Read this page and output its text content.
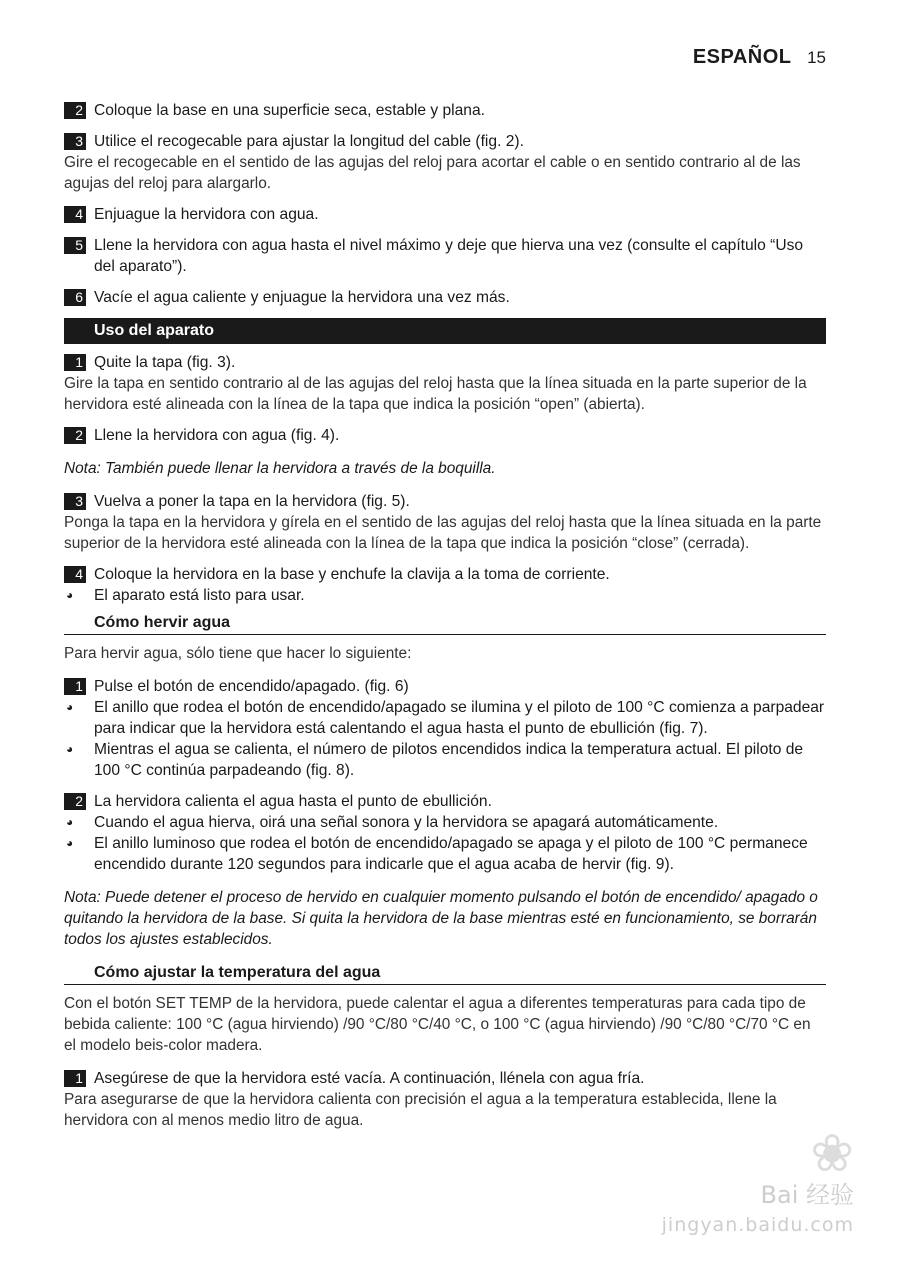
ESPAÑOL 15

2 Coloque la base en una superficie seca, estable y plana.

3 Utilice el recogecable para ajustar la longitud del cable (fig. 2).

Gire el recogecable en el sentido de las agujas del reloj para acortar el cable o en sentido contrario al de las agujas del reloj para alargarlo.

4 Enjuague la hervidora con agua.

5 Llene la hervidora con agua hasta el nivel máximo y deje que hierva una vez (consulte el capítulo “Uso del aparato”).

6 Vacíe el agua caliente y enjuague la hervidora una vez más.

Uso del aparato

1 Quite la tapa (fig. 3).

Gire la tapa en sentido contrario al de las agujas del reloj hasta que la línea situada en la parte superior de la hervidora esté alineada con la línea de la tapa que indica la posición “open” (abierta).

2 Llene la hervidora con agua (fig. 4).

Nota: También puede llenar la hervidora a través de la boquilla.

3 Vuelva a poner la tapa en la hervidora (fig. 5).

Ponga la tapa en la hervidora y gírela en el sentido de las agujas del reloj hasta que la línea situada en la parte superior de la hervidora esté alineada con la línea de la tapa que indica la posición “close” (cerrada).

4 Coloque la hervidora en la base y enchufe la clavija a la toma de corriente.

◕ El aparato está listo para usar.

Cómo hervir agua

Para hervir agua, sólo tiene que hacer lo siguiente:

1 Pulse el botón de encendido/apagado. (fig. 6)

◕ El anillo que rodea el botón de encendido/apagado se ilumina y el piloto de 100 °C comienza a parpadear para indicar que la hervidora está calentando el agua hasta el punto de ebullición (fig. 7).

◕ Mientras el agua se calienta, el número de pilotos encendidos indica la temperatura actual. El piloto de 100 °C continúa parpadeando (fig. 8).

2 La hervidora calienta el agua hasta el punto de ebullición.

◕ Cuando el agua hierva, oirá una señal sonora y la hervidora se apagará automáticamente.

◕ El anillo luminoso que rodea el botón de encendido/apagado se apaga y el piloto de 100 °C permanece encendido durante 120 segundos para indicarle que el agua acaba de hervir (fig. 9).

Nota: Puede detener el proceso de hervido en cualquier momento pulsando el botón de encendido/ apagado o quitando la hervidora de la base. Si quita la hervidora de la base mientras esté en funcionamiento, se borrarán todos los ajustes establecidos.

Cómo ajustar la temperatura del agua

Con el botón SET TEMP de la hervidora, puede calentar el agua a diferentes temperaturas para cada tipo de bebida caliente: 100 °C (agua hirviendo) /90 °C/80 °C/40 °C, o 100 °C (agua hirviendo) /90 °C/80 °C/70 °C en el modelo beis-color madera.

1 Asegúrese de que la hervidora esté vacía. A continuación, llénela con agua fría.

Para asegurarse de que la hervidora calienta con precisión el agua a la temperatura establecida, llene la hervidora con al menos medio litro de agua.

❀
Bai 经验
jingyan.baidu.com
